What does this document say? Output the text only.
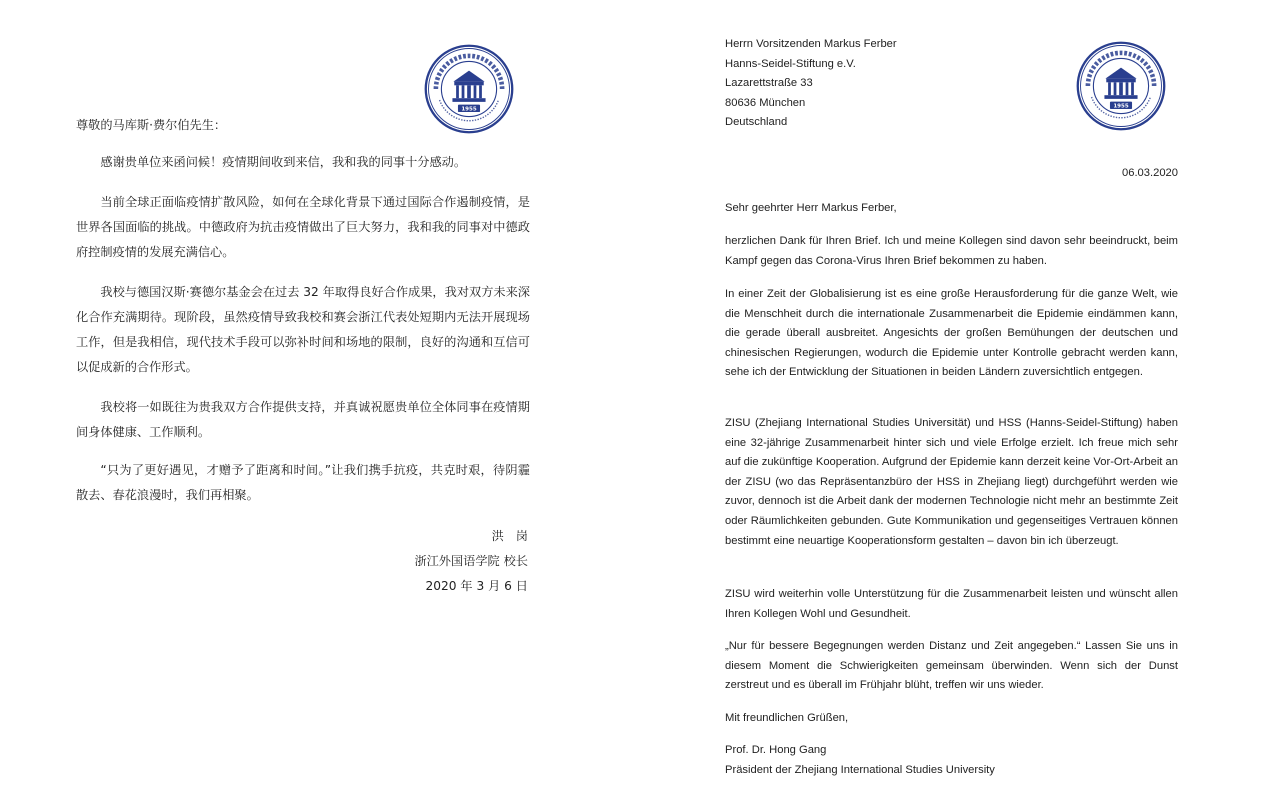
1955
尊敬的马库斯·费尔伯先生：

感谢贵单位来函问候！疫情期间收到来信，我和我的同事十分感动。

当前全球正面临疫情扩散风险，如何在全球化背景下通过国际合作遏制疫情，是世界各国面临的挑战。中德政府为抗击疫情做出了巨大努力，我和我的同事对中德政府控制疫情的发展充满信心。

我校与德国汉斯·赛德尔基金会在过去 32 年取得良好合作成果，我对双方未来深化合作充满期待。现阶段，虽然疫情导致我校和赛会浙江代表处短期内无法开展现场工作，但是我相信，现代技术手段可以弥补时间和场地的限制，良好的沟通和互信可以促成新的合作形式。

我校将一如既往为贵我双方合作提供支持，并真诚祝愿贵单位全体同事在疫情期间身体健康、工作顺利。

“只为了更好遇见，才赠予了距离和时间。”让我们携手抗疫，共克时艰，待阴霾散去、春花浪漫时，我们再相聚。

洪岗
浙江外国语学院 校长
2020 年 3 月 6 日
Herrn Vorsitzenden Markus Ferber
Hanns-Seidel-Stiftung e.V.
Lazarettstraße 33
80636 München
Deutschland
1955
06.03.2020

Sehr geehrter Herr Markus Ferber,

herzlichen Dank für Ihren Brief. Ich und meine Kollegen sind davon sehr beeindruckt, beim Kampf gegen das Corona-Virus Ihren Brief bekommen zu haben.

In einer Zeit der Globalisierung ist es eine große Herausforderung für die ganze Welt, wie die Menschheit durch die internationale Zusammenarbeit die Epidemie eindämmen kann, die gerade überall ausbreitet. Angesichts der großen Bemühungen der deutschen und chinesischen Regierungen, wodurch die Epidemie unter Kontrolle gebracht werden kann, sehe ich der Entwicklung der Situationen in beiden Ländern zuversichtlich entgegen.

ZISU (Zhejiang International Studies Universität) und HSS (Hanns-Seidel-Stiftung) haben eine 32-jährige Zusammenarbeit hinter sich und viele Erfolge erzielt. Ich freue mich sehr auf die zukünftige Kooperation. Aufgrund der Epidemie kann derzeit keine Vor-Ort-Arbeit an der ZISU (wo das Repräsentanzbüro der HSS in Zhejiang liegt) durchgeführt werden wie zuvor, dennoch ist die Arbeit dank der modernen Technologie nicht mehr an bestimmte Zeit oder Räumlichkeiten gebunden. Gute Kommunikation und gegenseitiges Vertrauen können bestimmt eine neuartige Kooperationsform gestalten – davon bin ich überzeugt.

ZISU wird weiterhin volle Unterstützung für die Zusammenarbeit leisten und wünscht allen Ihren Kollegen Wohl und Gesundheit.

„Nur für bessere Begegnungen werden Distanz und Zeit angegeben.“ Lassen Sie uns in diesem Moment die Schwierigkeiten gemeinsam überwinden. Wenn sich der Dunst zerstreut und es überall im Frühjahr blüht, treffen wir uns wieder.

Mit freundlichen Grüßen,

Prof. Dr. Hong Gang
Präsident der Zhejiang International Studies University
